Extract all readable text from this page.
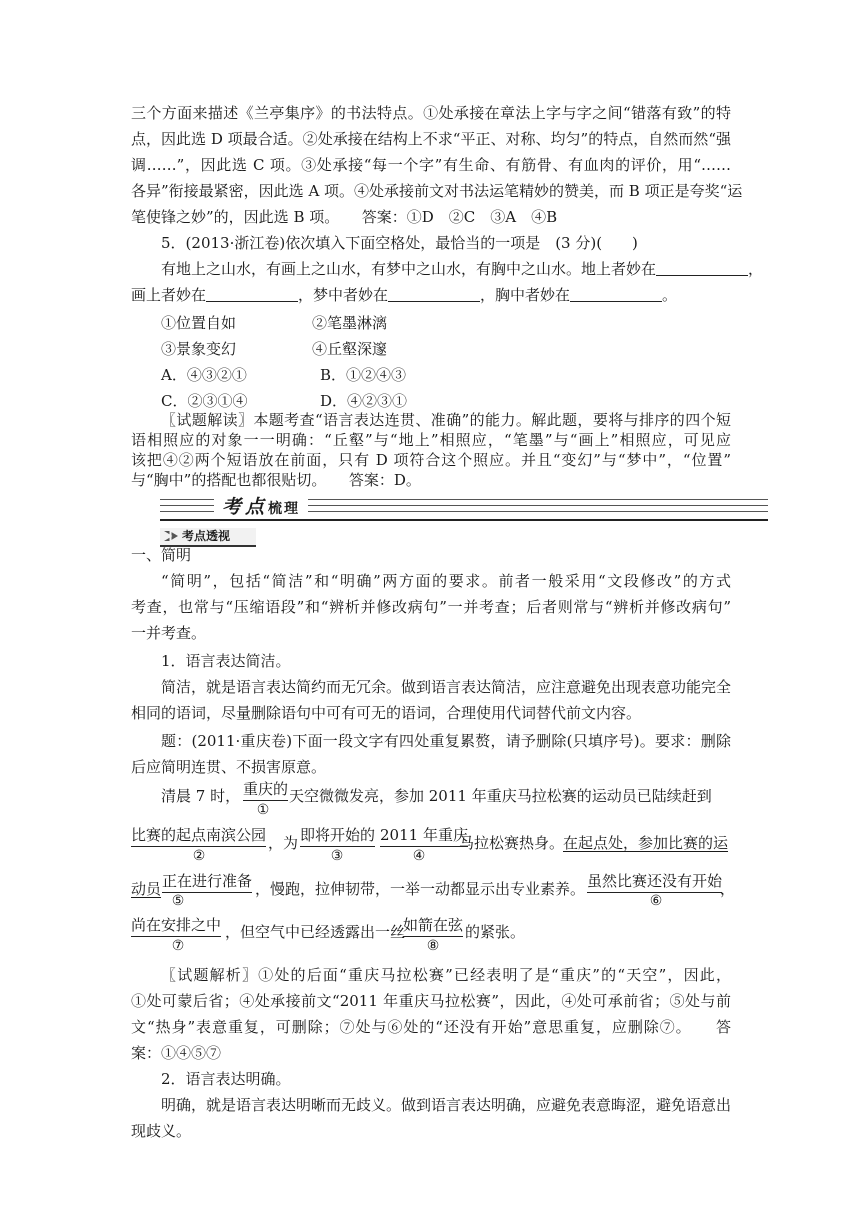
三个方面来描述《兰亭集序》的书法特点。①处承接在章法上字与字之间“错落有致”的特
点，因此选 D 项最合适。②处承接在结构上不求“平正、对称、均匀”的特点，自然而然“强
调……”，因此选 C 项。③处承接“每一个字”有生命、有筋骨、有血肉的评价，用“……
各异”衔接最紧密，因此选 A 项。④处承接前文对书法运笔精妙的赞美，而 B 项正是夸奖“运
笔使锋之妙”的，因此选 B 项。　　答案：①D　②C　③A　④B
5．(2013·浙江卷)依次填入下面空格处，最恰当的一项是　(3 分)(　　)
有地上之山水，有画上之山水，有梦中之山水，有胸中之山水。地上者妙在	，
画上者妙在	，梦中者妙在	，胸中者妙在	。
①位置自如	②笔墨淋漓
③景象变幻	④丘壑深邃
A．④③②①	B．①②④③
C．②③①④	D．④②③①
〖试题解读〗本题考查“语言表达连贯、准确”的能力。解此题，要将与排序的四个短
语相照应的对象一一明确：“丘壑”与“地上”相照应，“笔墨”与“画上”相照应，可见应
该把④②两个短语放在前面，只有 D 项符合这个照应。并且“变幻”与“梦中”，“位置”
考点梳理
考点透视
一、简明
“简明”，包括“简洁”和“明确”两方面的要求。前者一般采用“文段修改”的方式
考查，也常与“压缩语段”和“辨析并修改病句”一并考查；后者则常与“辨析并修改病句”
一并考查。
1．语言表达简洁。
简洁，就是语言表达简约而无冗余。做到语言表达简洁，应注意避免出现表意功能完全
相同的语词，尽量删除语句中可有可无的语词，合理使用代词替代前文内容。
题：(2011·重庆卷)下面一段文字有四处重复累赘，请予删除(只填序号)。要求：删除
后应简明连贯、不损害原意。
清晨 7 时， 重庆的
①
天空微微发亮，参加 2011 年重庆马拉松赛的运动员已陆续赶到
比赛的起点南滨公园
②
，为 即将开始的
③
2011 年重庆
④
马拉松赛热身。
在起点处，参加比赛的运
动员 正在进行准备
⑤
，慢跑，拉伸韧带，一举一动都显示出专业素养。 虽然比赛还没有开始
⑥
，
尚在安排之中
⑦
，但空气中已经透露出一丝
如箭在弦
⑧
的紧张。
〖试题解析〗①处的后面“重庆马拉松赛”已经表明了是“重庆”的“天空”，因此，
①处可蒙后省；④处承接前文“2011 年重庆马拉松赛”，因此，④处可承前省；⑤处与前
文“热身”表意重复，可删除；⑦处与⑥处的“还没有开始”意思重复，应删除⑦。　　答
案：①④⑤⑦
2．语言表达明确。
明确，就是语言表达明晰而无歧义。做到语言表达明确，应避免表意晦涩，避免语意出
现歧义。
与“胸中”的搭配也都很贴切。　　答案：D。
